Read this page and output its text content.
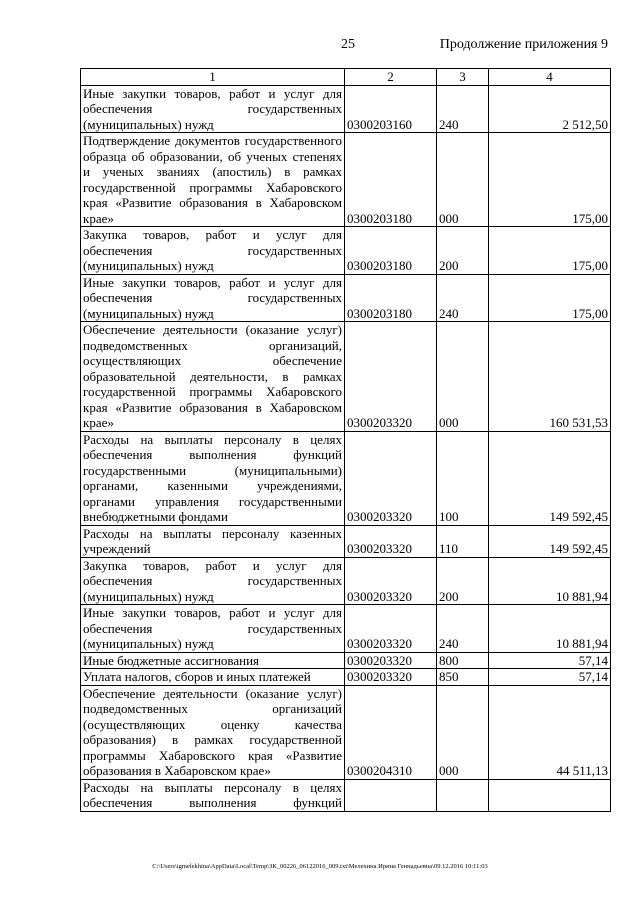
25	Продолжение приложения 9
1	2	3	4
Иные закупки товаров, работ и услуг для обеспечения государственных (муниципальных) нужд	0300203160	240	2 512,50
Подтверждение документов государственного образца об образовании, об ученых степенях и ученых званиях (апостиль) в рамках государственной программы Хабаровского края «Развитие образования в Хабаровском крае»	0300203180	000	175,00
Закупка товаров, работ и услуг для обеспечения государственных (муниципальных) нужд	0300203180	200	175,00
Иные закупки товаров, работ и услуг для обеспечения государственных (муниципальных) нужд	0300203180	240	175,00
Обеспечение деятельности (оказание услуг) подведомственных организаций, осуществляющих обеспечение образовательной деятельности, в рамках государственной программы Хабаровского края «Развитие образования в Хабаровском крае»	0300203320	000	160 531,53
Расходы на выплаты персоналу в целях обеспечения выполнения функций государственными (муниципальными) органами, казенными учреждениями, органами управления государственными внебюджетными фондами	0300203320	100	149 592,45
Расходы на выплаты персоналу казенных учреждений	0300203320	110	149 592,45
Закупка товаров, работ и услуг для обеспечения государственных (муниципальных) нужд	0300203320	200	10 881,94
Иные закупки товаров, работ и услуг для обеспечения государственных (муниципальных) нужд	0300203320	240	10 881,94
Иные бюджетные ассигнования	0300203320	800	57,14
Уплата налогов, сборов и иных платежей	0300203320	850	57,14
Обеспечение деятельности (оказание услуг) подведомственных организаций (осуществляющих оценку качества образования) в рамках государственной программы Хабаровского края «Развитие образования в Хабаровском крае»	0300204310	000	44 511,13
Расходы на выплаты персоналу в целях обеспечения выполнения функций			
C:\Users\igmelekhina\AppData\Local\Temp\ЗК_00226_06122016_009.txt\Мелехина Ирина Геннадьевна\09.12.2016 10:11:03
